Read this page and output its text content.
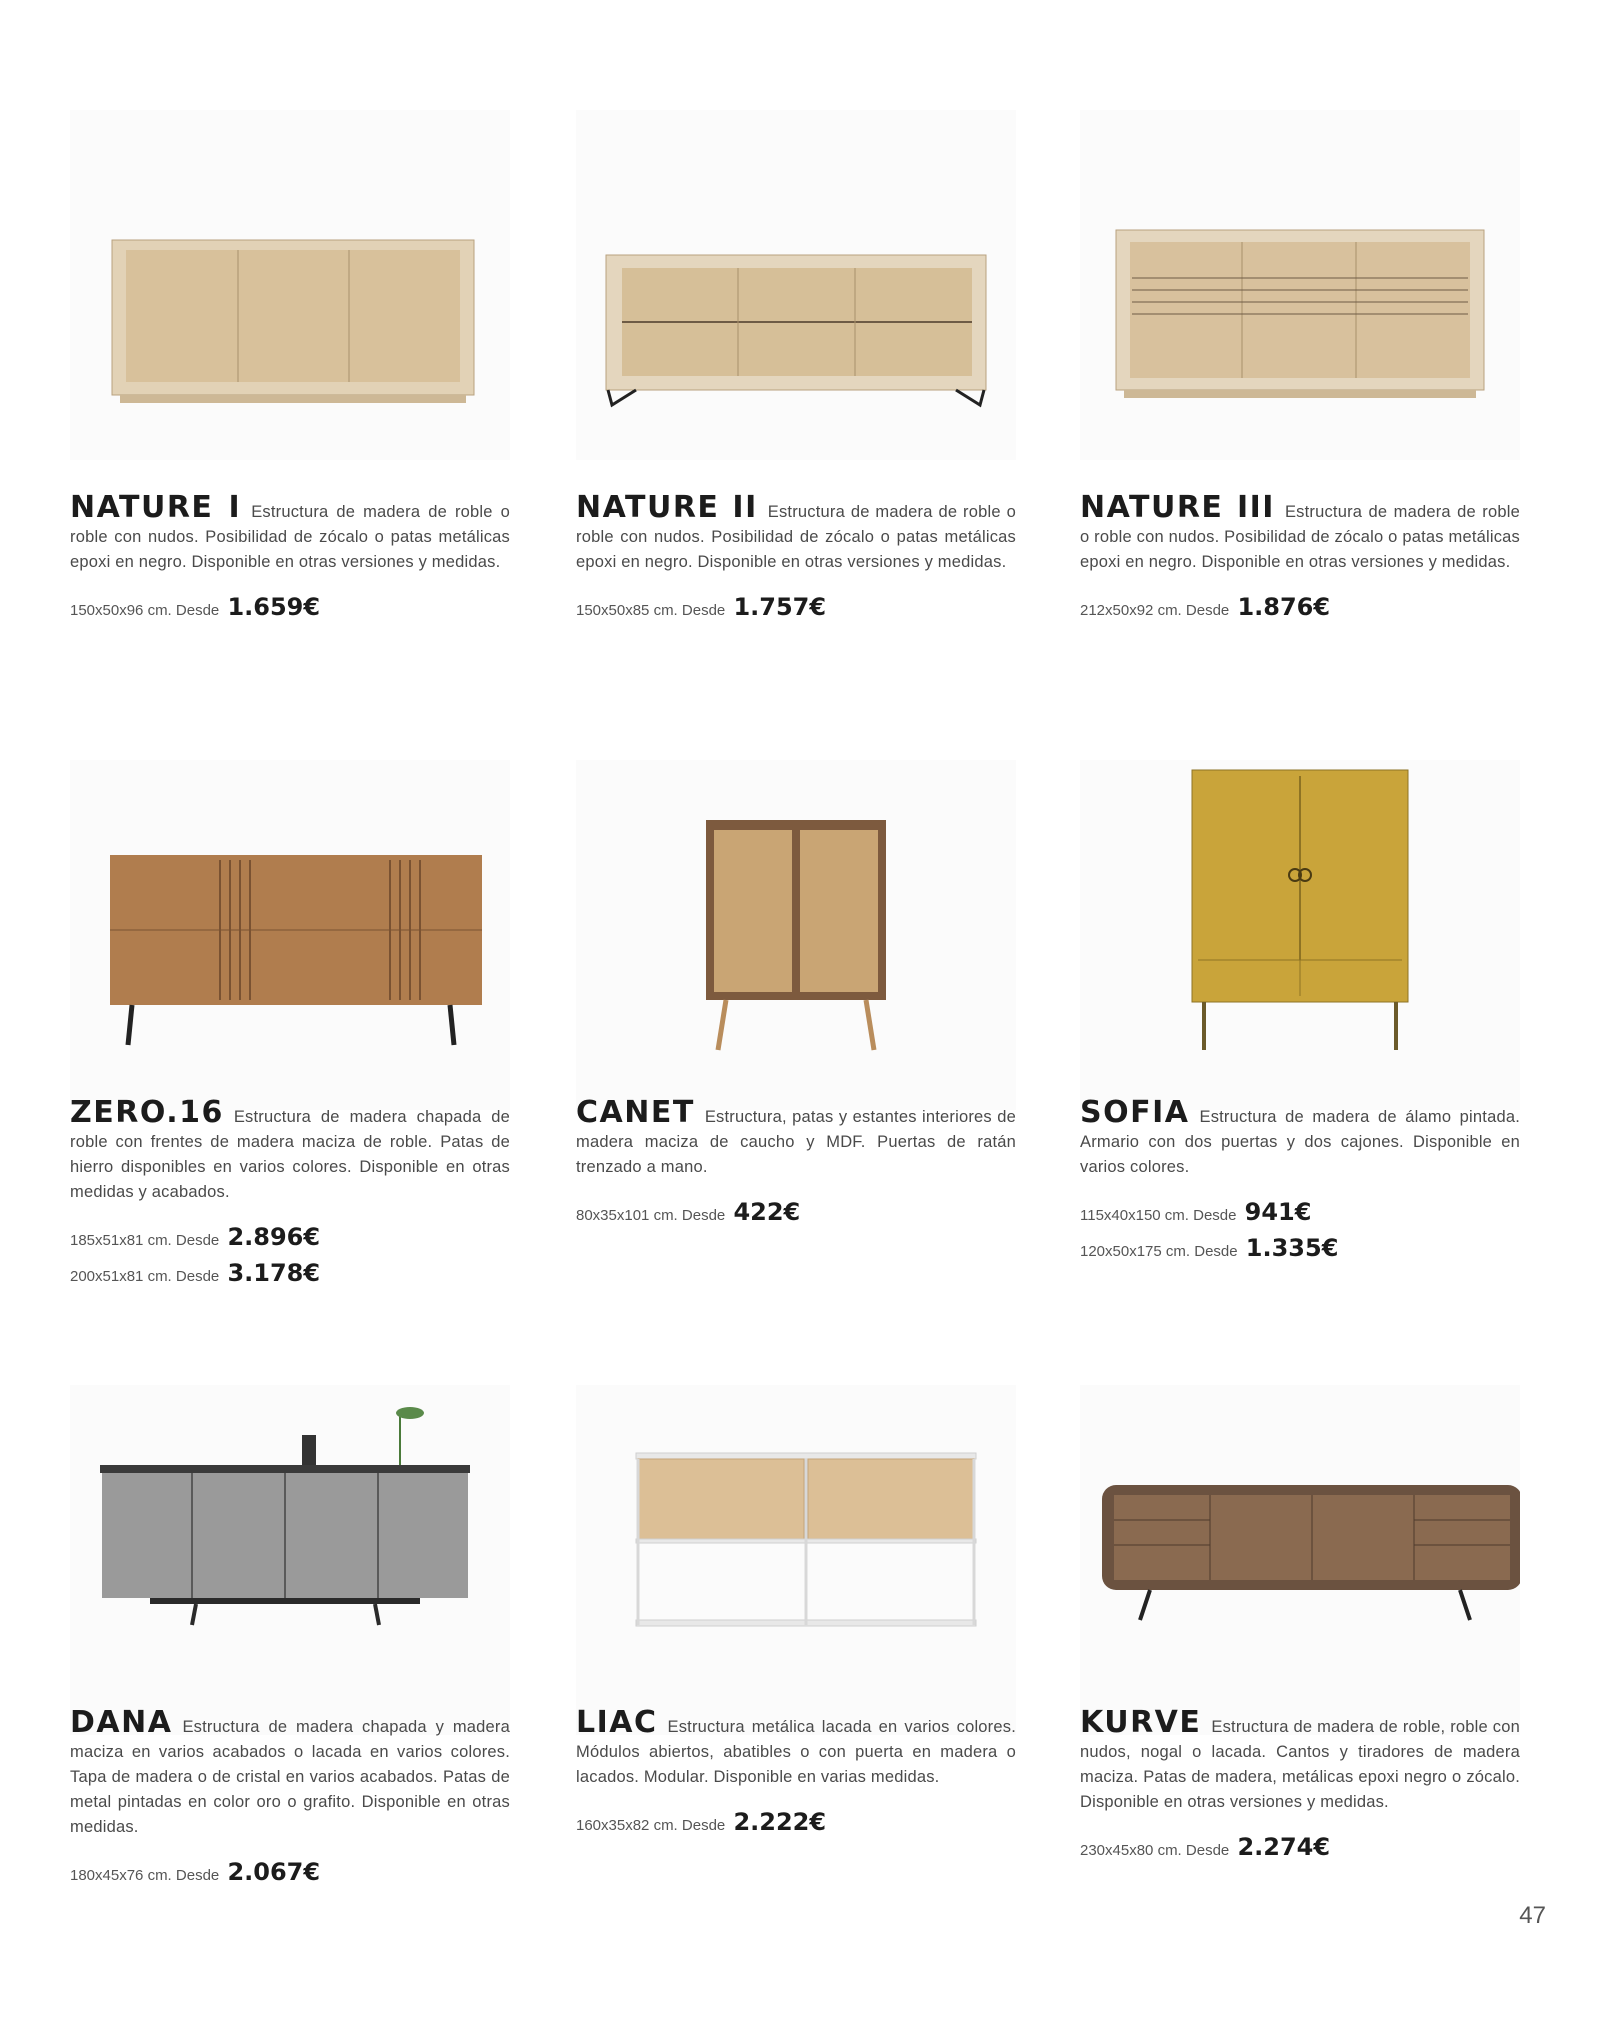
NATURE I Estructura de madera de roble o roble con nudos. Posibilidad de zócalo o patas metálicas epoxi en negro. Disponible en otras versiones y medidas.

150x50x96 cm. Desde 1.659€

NATURE II Estructura de madera de roble o roble con nudos. Posibilidad de zócalo o patas metálicas epoxi en negro. Disponible en otras versiones y medidas.

150x50x85 cm. Desde 1.757€

NATURE III Estructura de madera de roble o roble con nudos. Posibilidad de zócalo o patas metálicas epoxi en negro. Disponible en otras versiones y medidas.

212x50x92 cm. Desde 1.876€

ZERO.16 Estructura de madera chapada de roble con frentes de madera maciza de roble. Patas de hierro disponibles en varios colores. Disponible en otras medidas y acabados.

185x51x81 cm. Desde 2.896€
200x51x81 cm. Desde 3.178€

CANET Estructura, patas y estantes interiores de madera maciza de caucho y MDF. Puertas de ratán trenzado a mano.

80x35x101 cm. Desde 422€

SOFIA Estructura de madera de álamo pintada. Armario con dos puertas y dos cajones. Disponible en varios colores.

115x40x150 cm. Desde 941€
120x50x175 cm. Desde 1.335€

DANA Estructura de madera chapada y madera maciza en varios acabados o lacada en varios colores. Tapa de madera o de cristal en varios acabados. Patas de metal pintadas en color oro o grafito. Disponible en otras medidas.

180x45x76 cm. Desde 2.067€

LIAC Estructura metálica lacada en varios colores. Módulos abiertos, abatibles o con puerta en madera o lacados. Modular. Disponible en varias medidas.

160x35x82 cm. Desde 2.222€

KURVE Estructura de madera de roble, roble con nudos, nogal o lacada. Cantos y tiradores de madera maciza. Patas de madera, metálicas epoxi negro o zócalo. Disponible en otras versiones y medidas.

230x45x80 cm. Desde 2.274€
47
